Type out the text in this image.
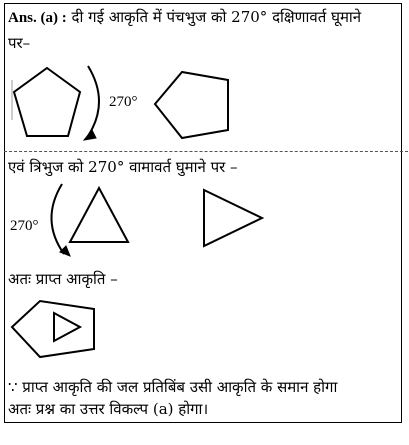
Ans. (a) : दी गई आकृति में पंचभुज को 270° दक्षिणावर्त घूमाने
पर–
270°
एवं त्रिभुज को 270° वामावर्त घुमाने पर –
270°
अतः प्राप्त आकृति –
∵ प्राप्त आकृति की जल प्रतिबिंब उसी आकृति के समान होगा
अतः प्रश्न का उत्तर विकल्प (a) होगा।
